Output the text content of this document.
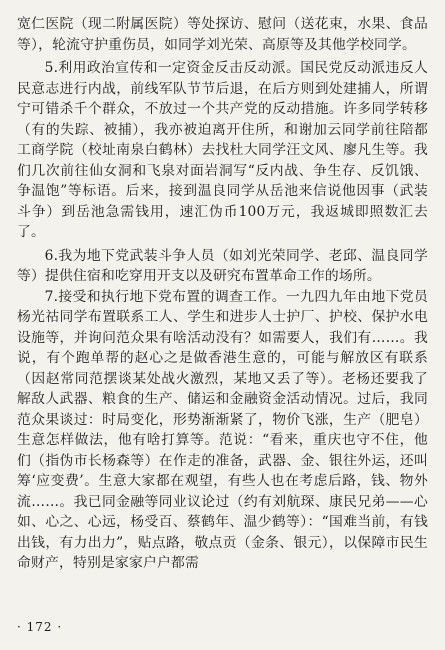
宽仁医院（现二附属医院）等处探访、慰问（送花束，水果、食品等），轮流守护重伤员，如同学刘光荣、高原等及其他学校同学。

5.利用政治宣传和一定资金反击反动派。国民党反动派违反人民意志进行内战，前线军队节节后退，在后方则到处建捕人，所谓宁可错杀千个群众，不放过一个共产党的反动措施。许多同学转移（有的失踪、被捕），我亦被迫离开住所，和谢加云同学前往陪都工商学院（校址南泉白鹤林）去找杜大同学汪文风、廖凡生等。我们几次前往仙女洞和飞泉对面岩洞写“反内战、争生存、反饥饿、争温饱”等标语。后来，接到温良同学从岳池来信说他因事（武装斗争）到岳池急需钱用，速汇伪币100万元，我返城即照数汇去了。

6.我为地下党武装斗争人员（如刘光荣同学、老邱、温良同学等）提供住宿和吃穿用开支以及研究布置革命工作的场所。

7.接受和执行地下党布置的调查工作。一九四九年由地下党员杨光祜同学布置联系工人、学生和进步人士护厂、护校、保护水电设施等，并询问范众果有啥活动没有？如需要人，我们有……。我说，有个跑单帮的赵心之是做香港生意的，可能与解放区有联系（因赵常同范摆谈某处战火激烈，某地又丢了等）。老杨还要我了解敌人武器、粮食的生产、储运和金融资金活动情况。过后，我同范众果谈过：时局变化，形势渐渐紧了，物价飞涨，生产（肥皂）生意怎样做法，他有啥打算等。范说：“看来，重庆也守不住，他们（指伪市长杨森等）在作走的准备，武器、金、银往外运，还叫筹‘应变费’。生意大家都在观望，有些人也在考虑后路，钱、物外流……。我已同金融等同业议论过（约有刘航琛、康民兄弟——心如、心之、心远，杨受百、蔡鹤年、温少鹤等）：“国难当前，有钱出钱，有力出力”，贴点路，敬点贡（金条、银元），以保障市民生命财产，特别是家家户户都需

· 172 ·
